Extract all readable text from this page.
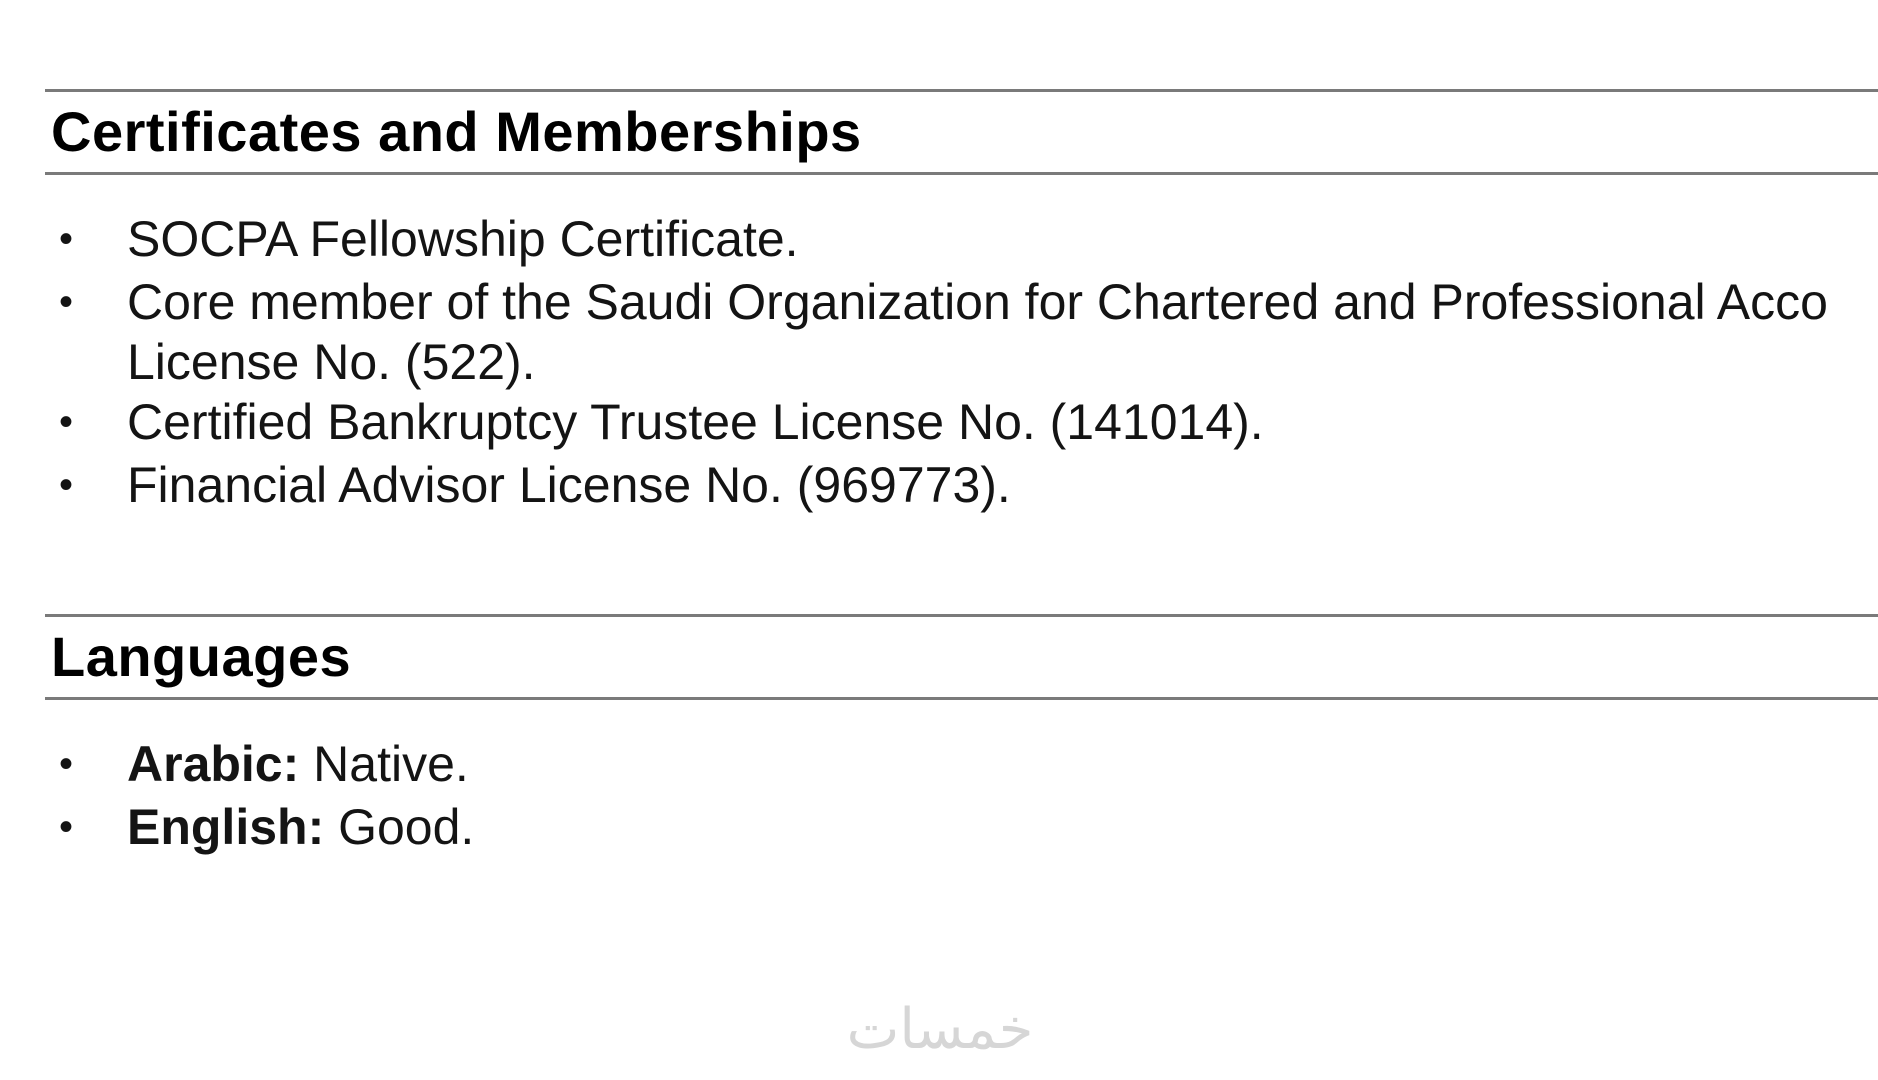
Certificates and Memberships
• SOCPA Fellowship Certificate.
• Core member of the Saudi Organization for Chartered and Professional Acco
License No. (522).
• Certified Bankruptcy Trustee License No. (141014).
• Financial Advisor License No. (969773).
Languages
• Arabic: Native.
• English: Good.
خمسات
